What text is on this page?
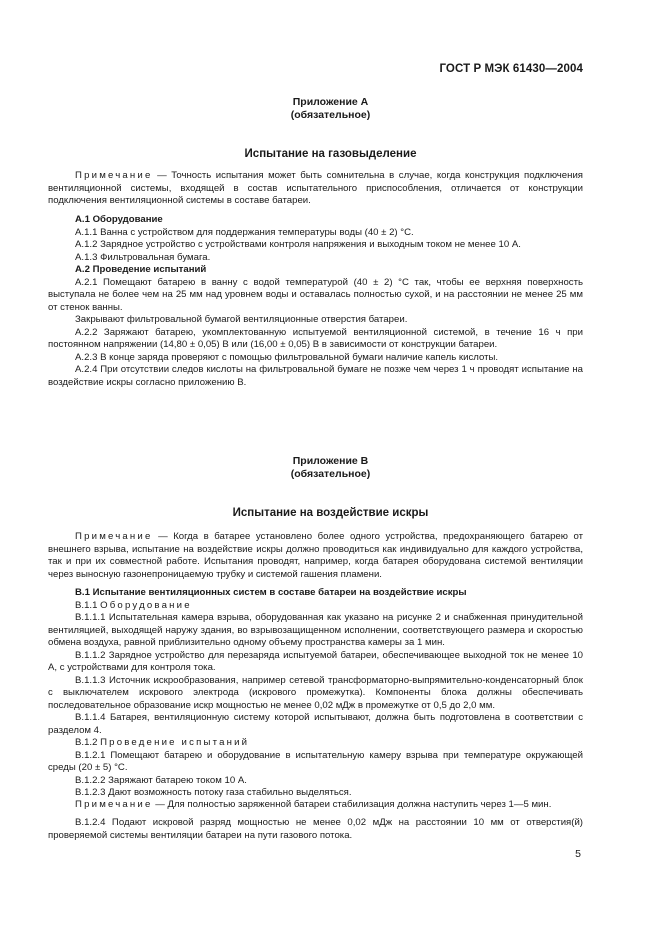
ГОСТ Р МЭК 61430—2004
Приложение А
(обязательное)
Испытание на газовыделение

Примечание — Точность испытания может быть сомнительна в случае, когда конструкция подключения вентиляционной системы, входящей в состав испытательного приспособления, отличается от конструкции подключения вентиляционной системы в составе батареи.

А.1 Оборудование

А.1.1 Ванна с устройством для поддержания температуры воды (40 ± 2) °С.

А.1.2 Зарядное устройство с устройствами контроля напряжения и выходным током не менее 10 А.

А.1.3 Фильтровальная бумага.

А.2 Проведение испытаний

А.2.1 Помещают батарею в ванну с водой температурой (40 ± 2) °С так, чтобы ее верхняя поверхность выступала не более чем на 25 мм над уровнем воды и оставалась полностью сухой, и на расстоянии не менее 25 мм от стенок ванны.

Закрывают фильтровальной бумагой вентиляционные отверстия батареи.

А.2.2 Заряжают батарею, укомплектованную испытуемой вентиляционной системой, в течение 16 ч при постоянном напряжении (14,80 ± 0,05) В или (16,00 ± 0,05) В в зависимости от конструкции батареи.

А.2.3 В конце заряда проверяют с помощью фильтровальной бумаги наличие капель кислоты.

А.2.4 При отсутствии следов кислоты на фильтровальной бумаге не позже чем через 1 ч проводят испытание на воздействие искры согласно приложению В.

Приложение В
(обязательное)
Испытание на воздействие искры

Примечание — Когда в батарее установлено более одного устройства, предохраняющего батарею от внешнего взрыва, испытание на воздействие искры должно проводиться как индивидуально для каждого устройства, так и при их совместной работе. Испытания проводят, например, когда батарея оборудована системой вентиляции через выносную газонепроницаемую трубку и системой гашения пламени.

В.1 Испытание вентиляционных систем в составе батареи на воздействие искры

В.1.1 Оборудование

В.1.1.1 Испытательная камера взрыва, оборудованная как указано на рисунке 2 и снабженная принудительной вентиляцией, выходящей наружу здания, во взрывозащищенном исполнении, соответствующего размера и скоростью обмена воздуха, равной приблизительно одному объему пространства камеры за 1 мин.

В.1.1.2 Зарядное устройство для перезаряда испытуемой батареи, обеспечивающее выходной ток не менее 10 А, с устройствами для контроля тока.

В.1.1.3 Источник искрообразования, например сетевой трансформаторно-выпрямительно-конденсаторный блок с выключателем искрового электрода (искрового промежутка). Компоненты блока должны обеспечивать последовательное образование искр мощностью не менее 0,02 мДж в промежутке от 0,5 до 2,0 мм.

В.1.1.4 Батарея, вентиляционную систему которой испытывают, должна быть подготовлена в соответствии с разделом 4.

В.1.2 Проведение испытаний

В.1.2.1 Помещают батарею и оборудование в испытательную камеру взрыва при температуре окружающей среды (20 ± 5) °С.

В.1.2.2 Заряжают батарею током 10 А.

В.1.2.3 Дают возможность потоку газа стабильно выделяться.

Примечание — Для полностью заряженной батареи стабилизация должна наступить через 1—5 мин.

В.1.2.4 Подают искровой разряд мощностью не менее 0,02 мДж на расстоянии 10 мм от отверстия(й) проверяемой системы вентиляции батареи на пути газового потока.

5
